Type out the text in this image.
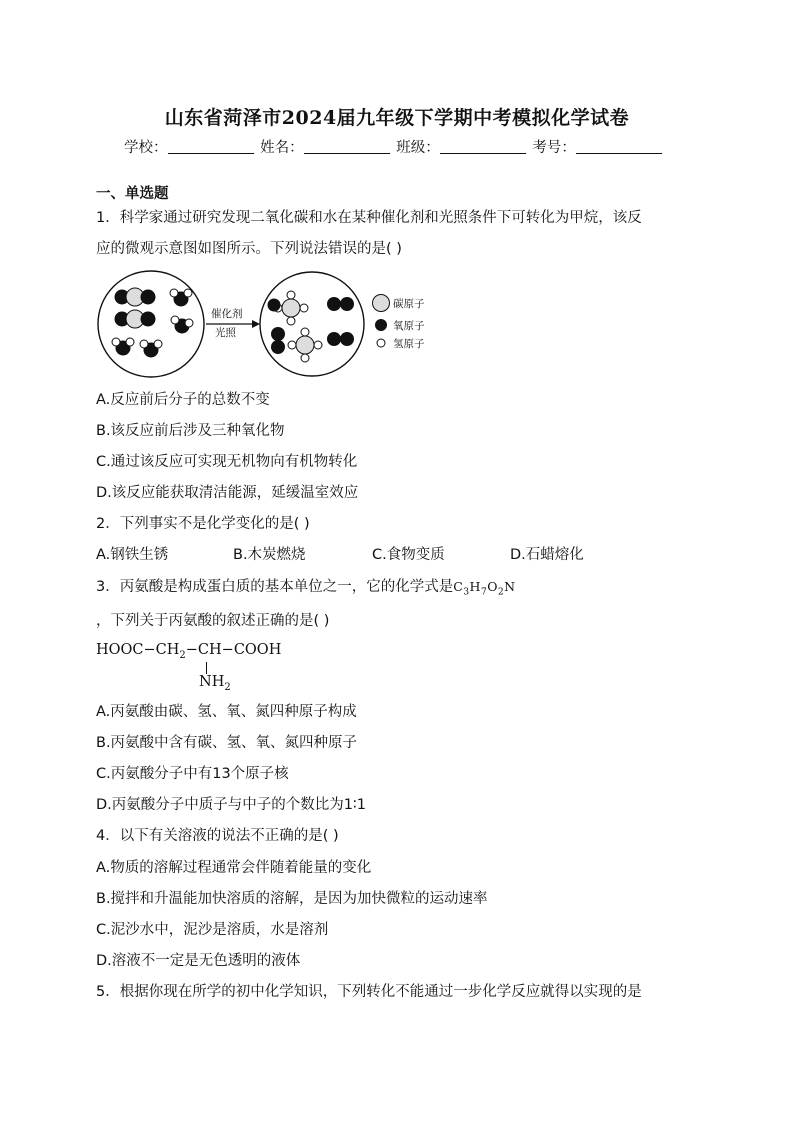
山东省菏泽市2024届九年级下学期中考模拟化学试卷
学校：	姓名：	班级：	考号：
一、单选题
1．科学家通过研究发现二氧化碳和水在某种催化剂和光照条件下可转化为甲烷，该反
应的微观示意图如图所示。下列说法错误的是( )
催化剂
光照
碳原子
氧原子
氢原子
A.反应前后分子的总数不变
B.该反应前后涉及三种氧化物
C.通过该反应可实现无机物向有机物转化
D.该反应能获取清洁能源，延缓温室效应
2．下列事实不是化学变化的是( )
A.钢铁生锈	B.木炭燃烧	C.食物变质	D.石蜡熔化
3．丙氨酸是构成蛋白质的基本单位之一，它的化学式是$C_3H_7O_2N$
，下列关于丙氨酸的叙述正确的是( )
$HOOC-CH_2-CH-COOH$
$NH_2$
A.丙氨酸由碳、氢、氧、氮四种原子构成
B.丙氨酸中含有碳、氢、氧、氮四种原子
C.丙氨酸分子中有13个原子核
D.丙氨酸分子中质子与中子的个数比为1∶1
4．以下有关溶液的说法不正确的是( )
A.物质的溶解过程通常会伴随着能量的变化
B.搅拌和升温能加快溶质的溶解，是因为加快微粒的运动速率
C.泥沙水中，泥沙是溶质，水是溶剂
D.溶液不一定是无色透明的液体
5．根据你现在所学的初中化学知识，下列转化不能通过一步化学反应就得以实现的是
